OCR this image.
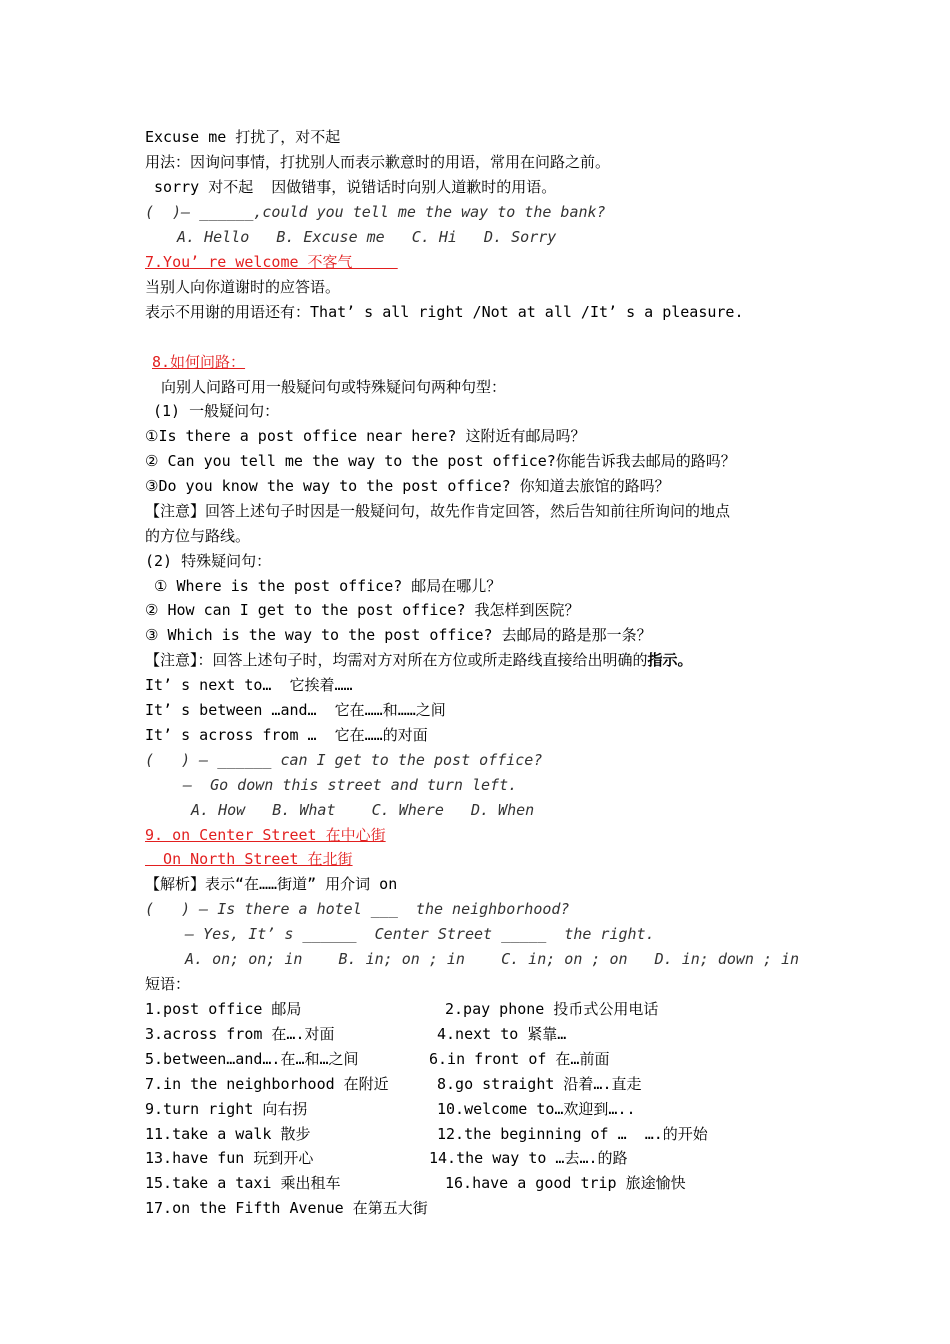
Excuse me 打扰了，对不起
用法：因询问事情，打扰别人而表示歉意时的用语，常用在问路之前。
sorry 对不起  因做错事，说错话时向别人道歉时的用语。
(  )— ______,could you tell me the way to the bank?
A. Hello   B. Excuse me   C. Hi   D. Sorry
7.You’ re welcome 不客气
当别人向你道谢时的应答语。
表示不用谢的用语还有：That’ s all right /Not at all /It’ s a pleasure.
8.如何问路：
向别人问路可用一般疑问句或特殊疑问句两种句型：
(1) 一般疑问句：
①Is there a post office near here? 这附近有邮局吗？
② Can you tell me the way to the post office?你能告诉我去邮局的路吗？
③Do you know the way to the post office? 你知道去旅馆的路吗？
【注意】回答上述句子时因是一般疑问句，故先作肯定回答，然后告知前往所询问的地点
的方位与路线。
(2) 特殊疑问句：
① Where is the post office? 邮局在哪儿？
② How can I get to the post office? 我怎样到医院？
③ Which is the way to the post office? 去邮局的路是那一条？
【注意】：回答上述句子时，均需对方对所在方位或所走路线直接给出明确的指示。
It’ s next to…  它挨着……
It’ s between …and…  它在……和……之间
It’ s across from …  它在……的对面
(   ) — ______ can I get to the post office?
—  Go down this street and turn left.
A. How   B. What    C. Where   D. When
9. on Center Street 在中心街
On North Street 在北街
【解析】表示“在……街道” 用介词 on
(   ) — Is there a hotel ___  the neighborhood?
— Yes, It’ s ______  Center Street _____  the right.
A. on; on; in    B. in; on ; in    C. in; on ; on   D. in; down ; in
短语：
1.post office 邮局	2.pay phone 投币式公用电话
3.across from 在….对面	4.next to 紧靠…
5.between…and….在…和…之间	6.in front of 在…前面
7.in the neighborhood 在附近	8.go straight 沿着….直走
9.turn right 向右拐	10.welcome to…欢迎到…..
11.take a walk 散步	12.the beginning of …  ….的开始
13.have fun 玩到开心	14.the way to …去….的路
15.take a taxi 乘出租车	16.have a good trip 旅途愉快
17.on the Fifth Avenue 在第五大街
